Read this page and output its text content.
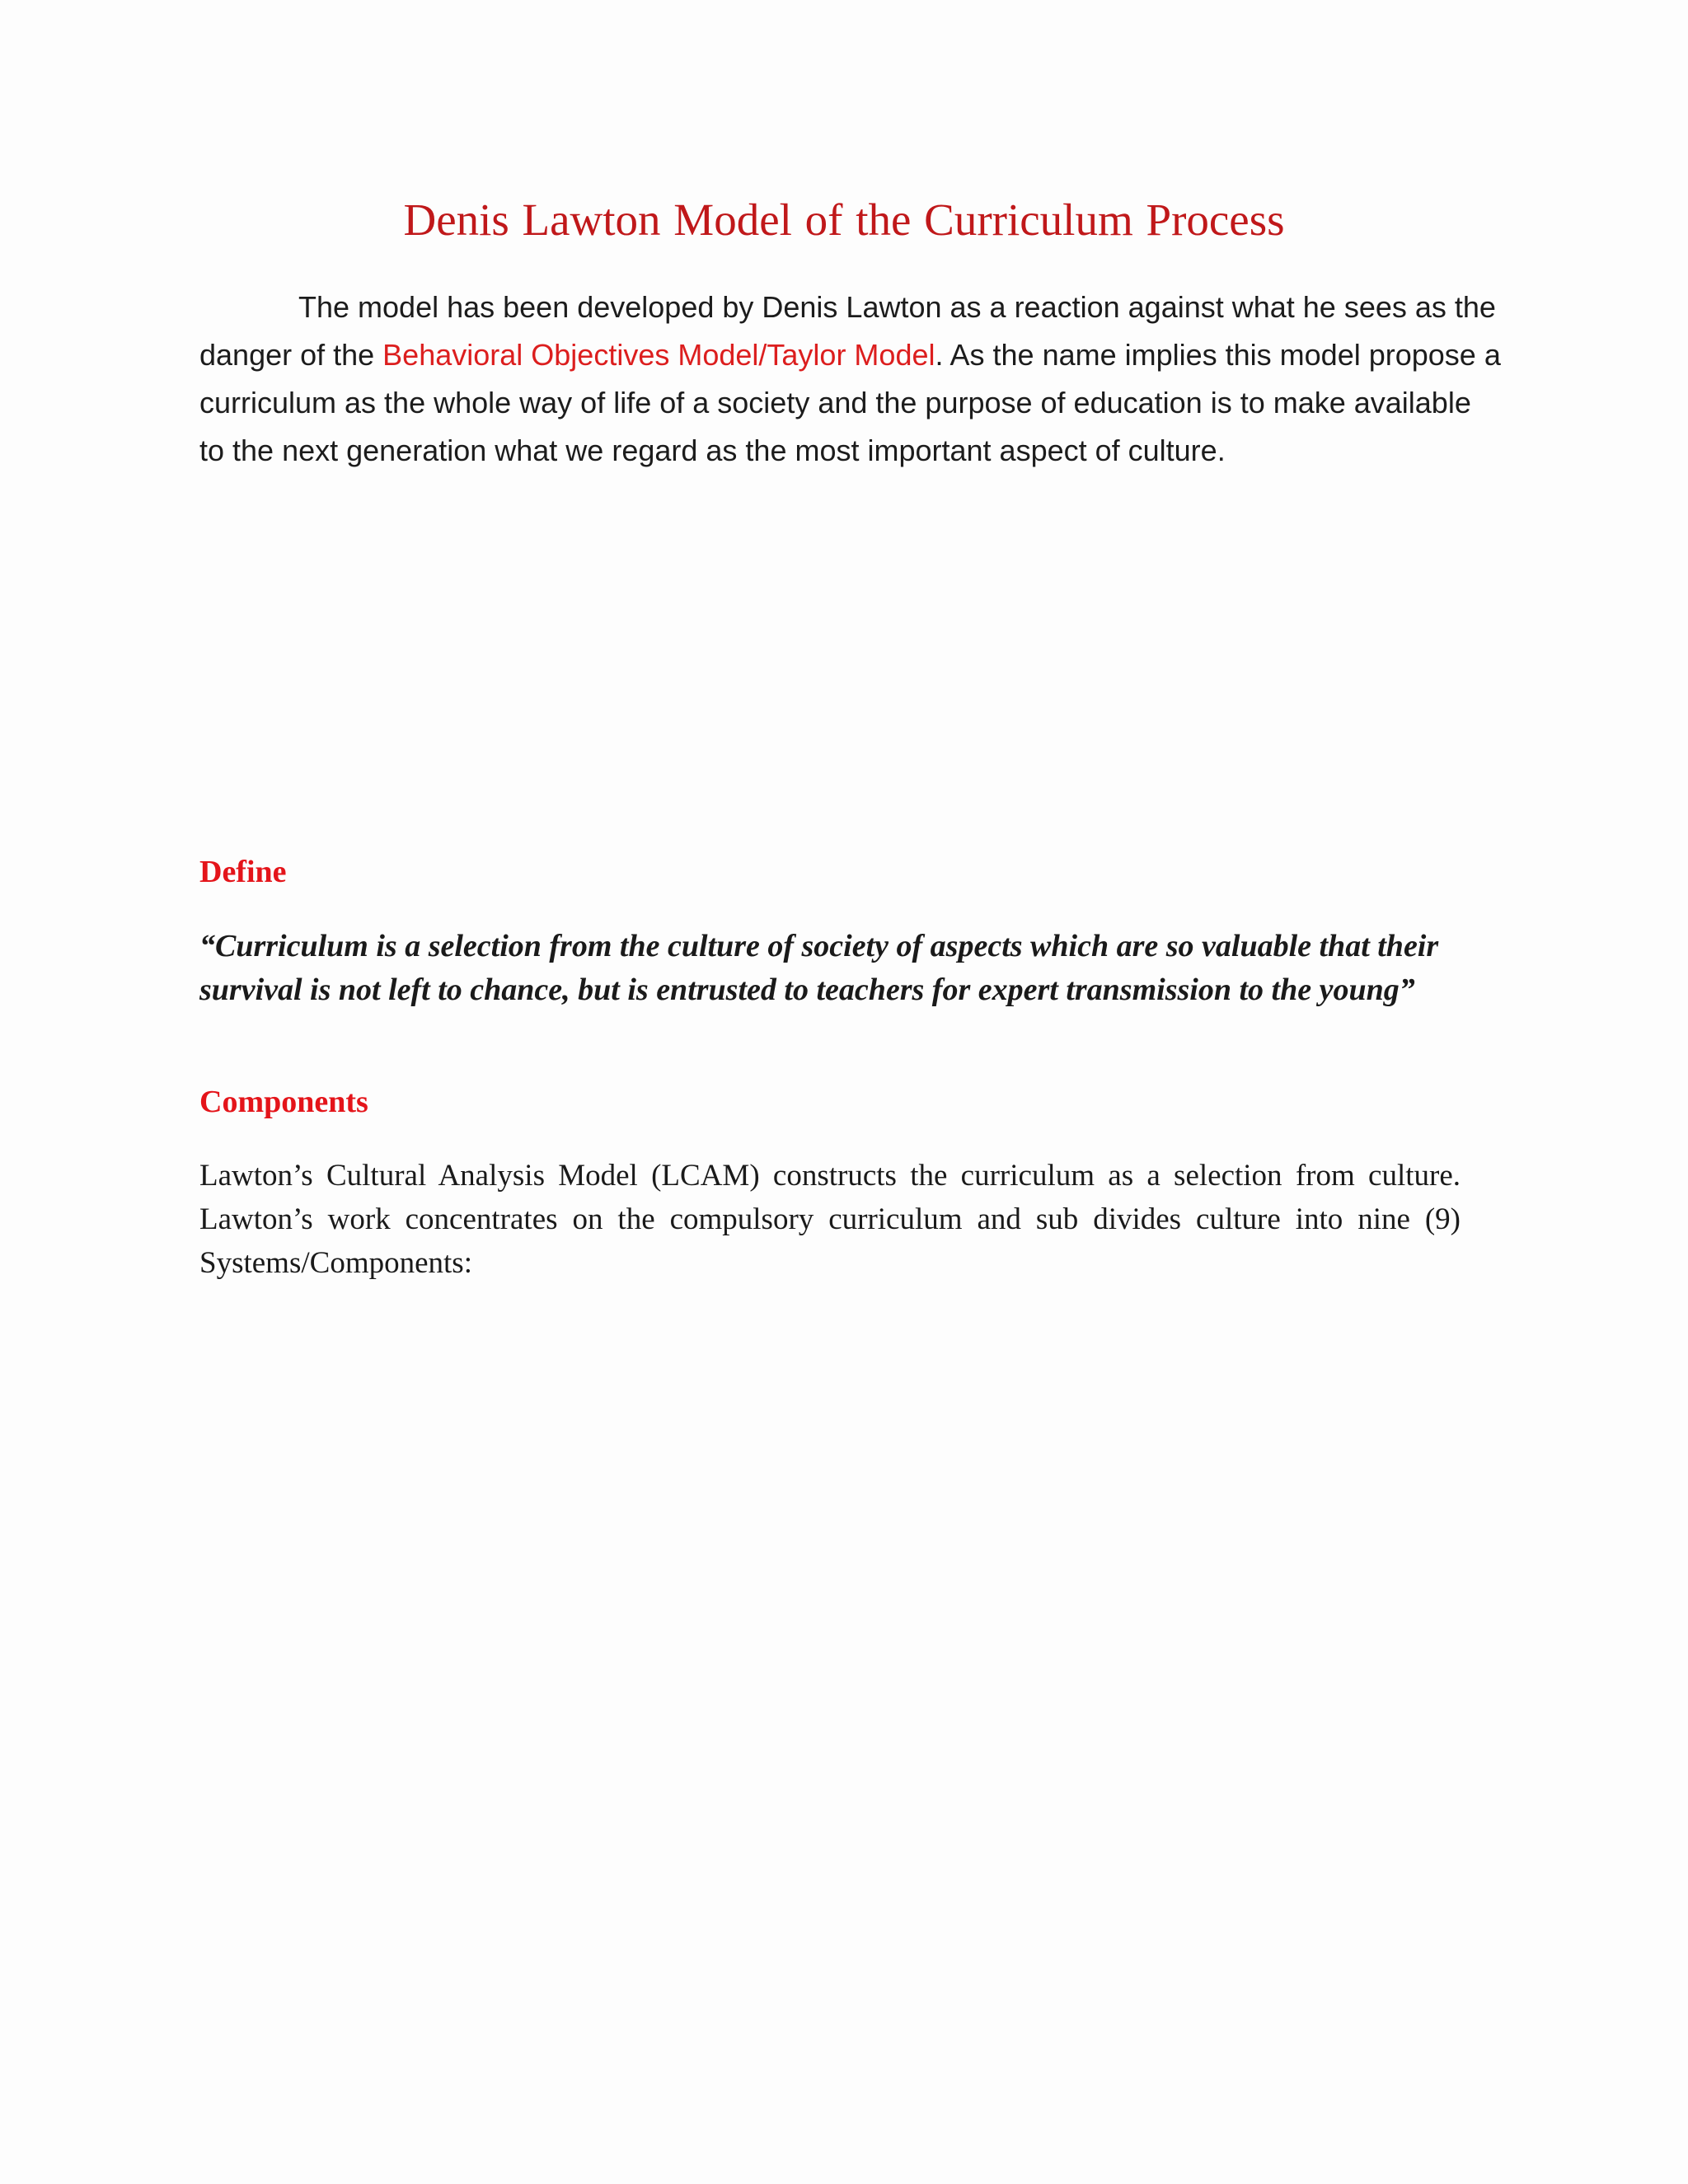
Denis Lawton Model of the Curriculum Process

The model has been developed by Denis Lawton as a reaction against what he sees as the danger of the Behavioral Objectives Model/Taylor Model. As the name implies this model propose a curriculum as the whole way of life of a society and the purpose of education is to make available to the next generation what we regard as the most important aspect of culture.

Define

“Curriculum is a selection from the culture of society of aspects which are so valuable that their survival is not left to chance, but is entrusted to teachers for expert transmission to the young”

Components

Lawton’s Cultural Analysis Model (LCAM) constructs the curriculum as a selection from culture. Lawton’s work concentrates on the compulsory curriculum and sub divides culture into nine (9) Systems/Components:
